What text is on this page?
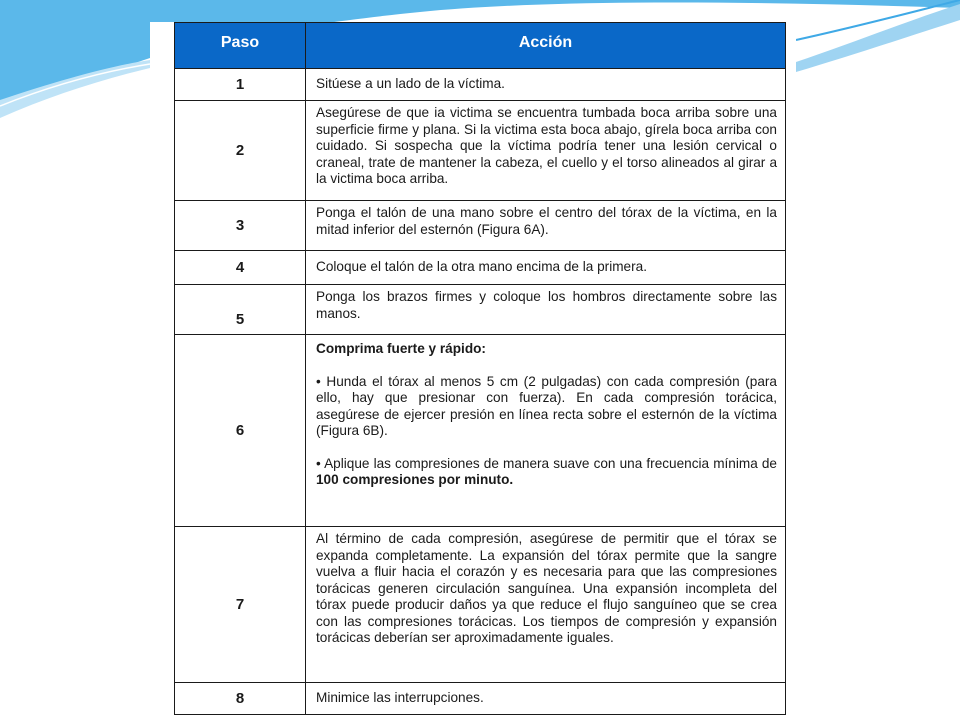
Paso	Acción
1	Sitúese a un lado de la víctima.
2	Asegúrese de que ia victima se encuentra tumbada boca arriba sobre una superficie firme y plana. Si la victima esta boca abajo, gírela boca arriba con cuidado. Si sospecha que la víctima podría tener una lesión cervical o craneal, trate de mantener la cabeza, el cuello y el torso alineados al girar a la victima boca arriba.
3	Ponga el talón de una mano sobre el centro del tórax de la víctima, en la mitad inferior del esternón (Figura 6A).
4	Coloque el talón de la otra mano encima de la primera.
5	Ponga los brazos firmes y coloque los hombros directamente sobre las manos.
6	Comprima fuerte y rápido:

• Hunda el tórax al menos 5 cm (2 pulgadas) con cada compresión (para ello, hay que presionar con fuerza). En cada compresión torácica, asegúrese de ejercer presión en línea recta sobre el esternón de la víctima (Figura 6B).

• Aplique las compresiones de manera suave con una frecuencia mínima de 100 compresiones por minuto.

7	Al término de cada compresión, asegúrese de permitir que el tórax se expanda completamente. La expansión del tórax permite que la sangre vuelva a fluir hacia el corazón y es necesaria para que las compresiones torácicas generen circulación sanguínea. Una expansión incompleta del tórax puede producir daños ya que reduce el flujo sanguíneo que se crea con las compresiones torácicas. Los tiempos de compresión y expansión torácicas deberían ser aproximadamente iguales.
8	Minimice las interrupciones.
